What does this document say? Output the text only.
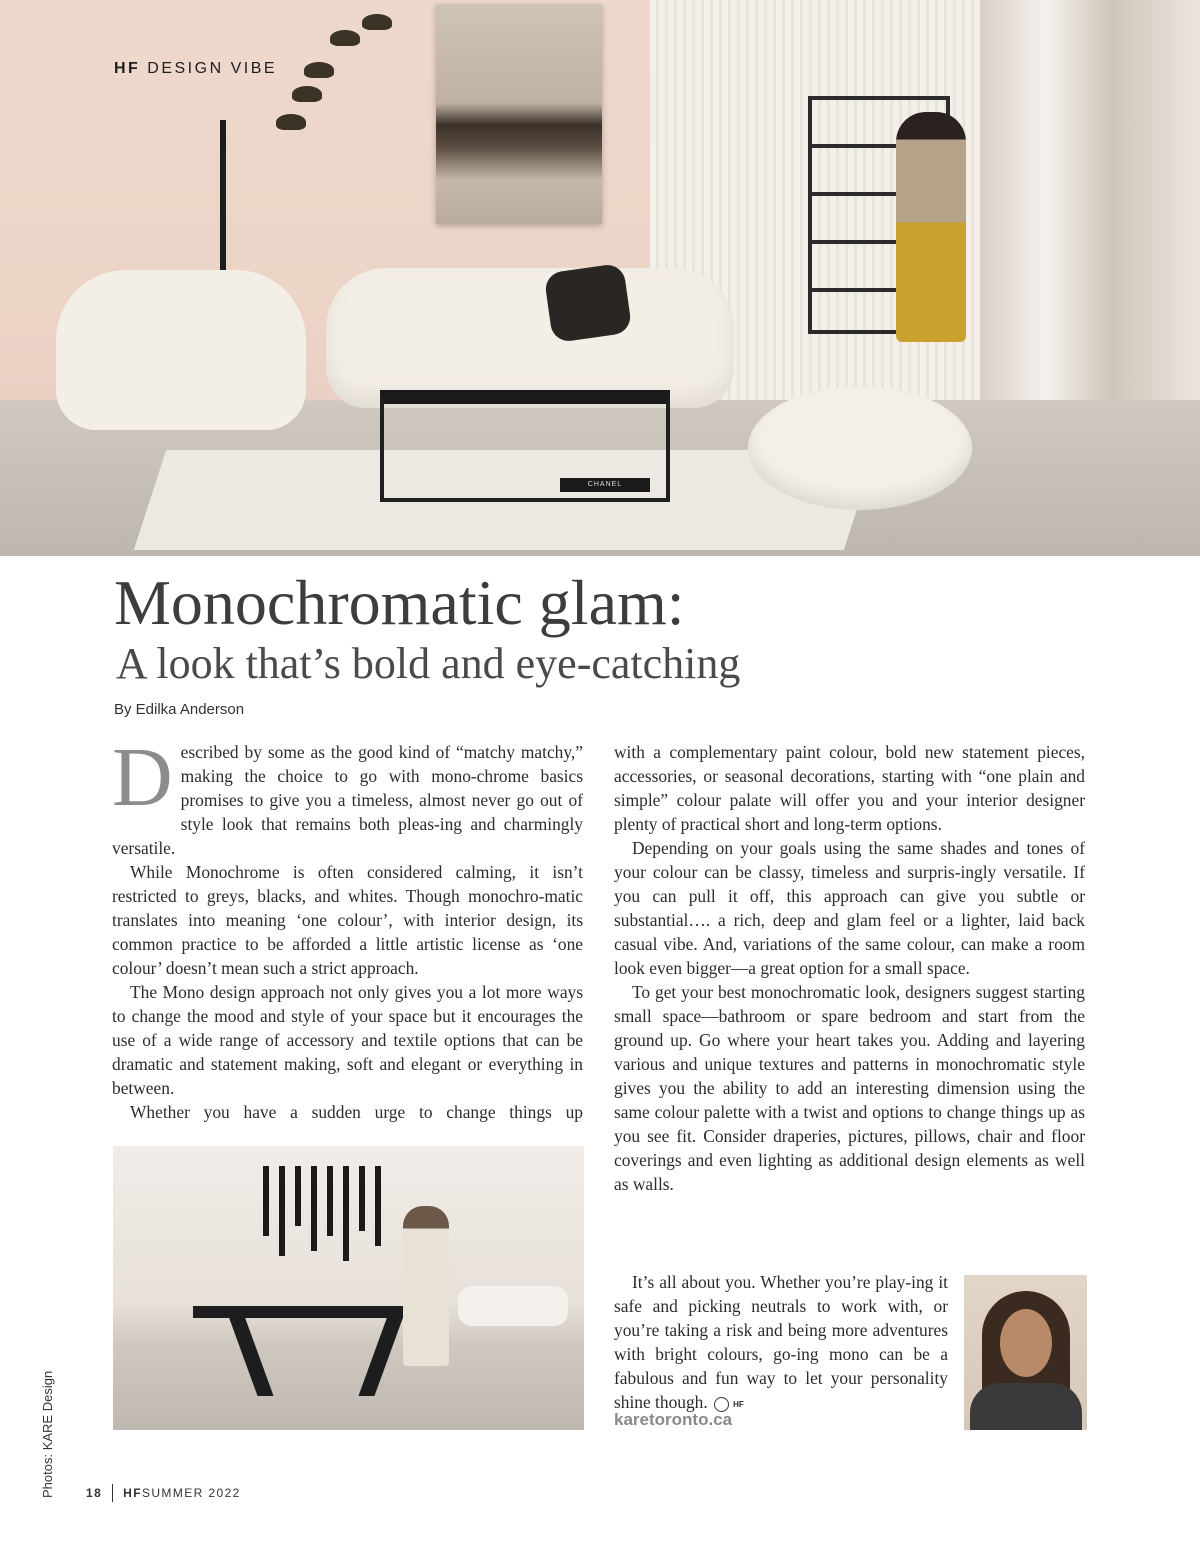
CHANEL
HF DESIGN VIBE
Monochromatic glam:
A look that’s bold and eye-catching
By Edilka Anderson

Described by some as the good kind of “matchy matchy,” making the choice to go with mono-chrome basics promises to give you a timeless, almost never go out of style look that remains both pleas-ing and charmingly versatile.

While Monochrome is often considered calming, it isn’t restricted to greys, blacks, and whites. Though monochro-matic translates into meaning ‘one colour’, with interior design, its common practice to be afforded a little artistic license as ‘one colour’ doesn’t mean such a strict approach.

The Mono design approach not only gives you a lot more ways to change the mood and style of your space but it encourages the use of a wide range of accessory and textile options that can be dramatic and statement making, soft and elegant or everything in between.

Whether you have a sudden urge to change things up

with a complementary paint colour, bold new statement pieces, accessories, or seasonal decorations, starting with “one plain and simple” colour palate will offer you and your interior designer plenty of practical short and long-term options.

Depending on your goals using the same shades and tones of your colour can be classy, timeless and surpris-ingly versatile. If you can pull it off, this approach can give you subtle or substantial…. a rich, deep and glam feel or a lighter, laid back casual vibe. And, variations of the same colour, can make a room look even bigger—a great option for a small space.

To get your best monochromatic look, designers suggest starting small space—bathroom or spare bedroom and start from the ground up. Go where your heart takes you. Adding and layering various and unique textures and patterns in monochromatic style gives you the ability to add an interesting dimension using the same colour palette with a twist and options to change things up as you see fit. Consider draperies, pictures, pillows, chair and floor coverings and even lighting as additional design elements as well as walls.

It’s all about you. Whether you’re play-ing it safe and picking neutrals to work with, or you’re taking a risk and being more adventures with bright colours, go-ing mono can be a fabulous and fun way to let your personality shine though.	HF

karetoronto.ca
Photos: KARE Design	18 HF SUMMER 2022
